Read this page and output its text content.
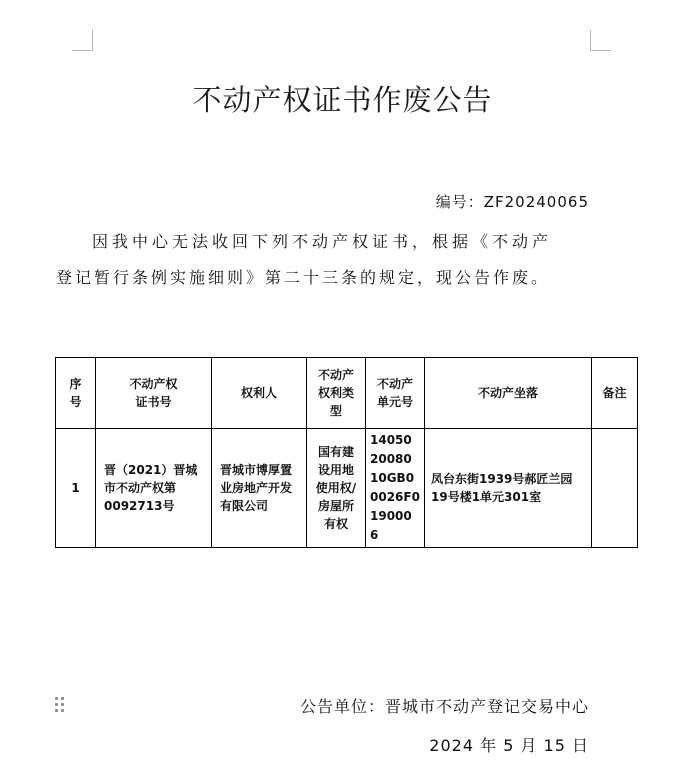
不动产权证书作废公告
编号：ZF20240065
因我中心无法收回下列不动产权证书，根据《不动产
登记暂行条例实施细则》第二十三条的规定，现公告作废。
序号	不动产权证书号	权利人	不动产权利类型	不动产单元号	不动产坐落	备注
1	晋（2021）晋城市不动产权第0092713号	晋城市博厚置业房地产开发有限公司	国有建设用地使用权/房屋所有权	140502008010GB00026F0190006	凤台东街1939号郝匠兰园19号楼1单元301室	
公告单位：晋城市不动产登记交易中心
2024 年 5 月 15 日
